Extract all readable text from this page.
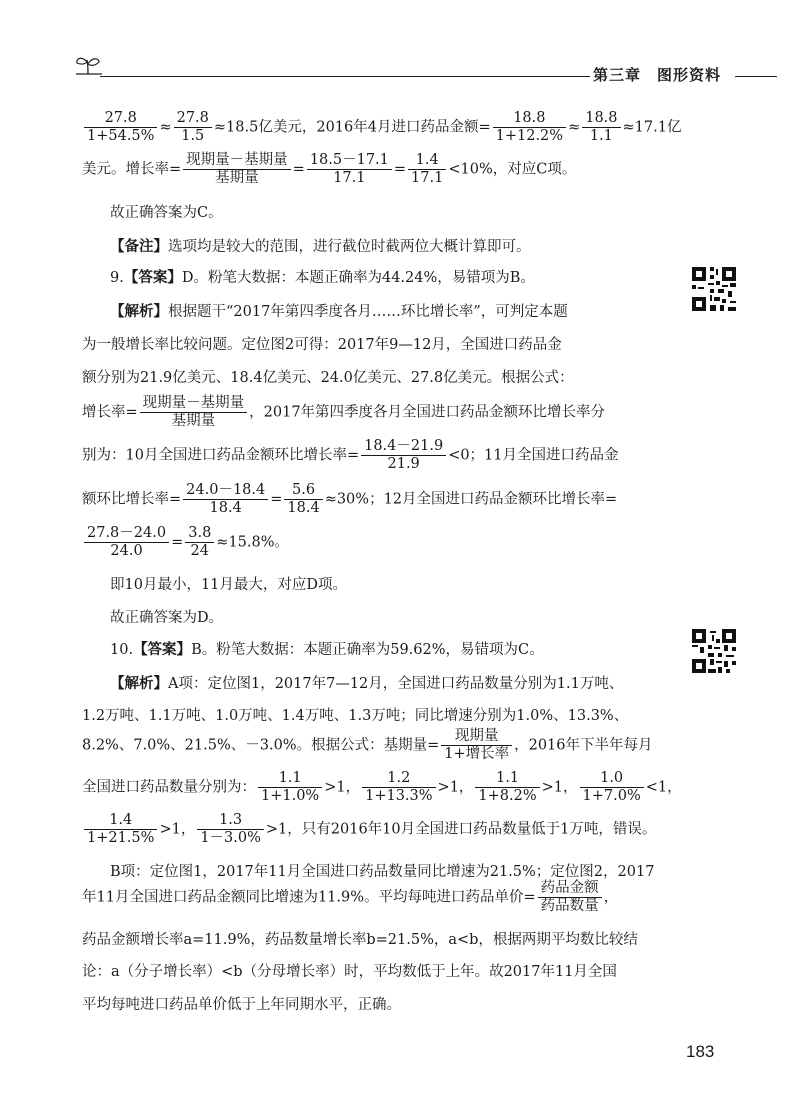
第三章　图形资料
$\frac{27.8}{1+54.5\%} \approx \frac{27.8}{1.5} \approx 18.5$亿美元，2016年4月进口药品金额= $\frac{18.8}{1+12.2\%} \approx \frac{18.8}{1.1} \approx 17.1$亿
美元。增长率= $\frac{\text{现期量－基期量}}{\text{基期量}} = \frac{18.5-17.1}{17.1} = \frac{1.4}{17.1} <10\%$，对应C项。
故正确答案为C。
【备注】选项均是较大的范围，进行截位时截两位大概计算即可。
9.【答案】D。粉笔大数据：本题正确率为44.24%，易错项为B。
【解析】根据题干“2017年第四季度各月……环比增长率”，可判定本题
为一般增长率比较问题。定位图2可得：2017年9—12月，全国进口药品金
额分别为21.9亿美元、18.4亿美元、24.0亿美元、27.8亿美元。根据公式：
增长率= $\frac{\text{现期量－基期量}}{\text{基期量}}$ ，2017年第四季度各月全国进口药品金额环比增长率分
别为：10月全国进口药品金额环比增长率= $\frac{18.4-21.9}{21.9} <0$；11月全国进口药品金
额环比增长率= $\frac{24.0-18.4}{18.4} = \frac{5.6}{18.4} \approx 30\%$；12月全国进口药品金额环比增长率=
$\frac{27.8-24.0}{24.0} = \frac{3.8}{24} \approx 15.8\%$。
即10月最小，11月最大，对应D项。
故正确答案为D。
10.【答案】B。粉笔大数据：本题正确率为59.62%，易错项为C。
【解析】A项：定位图1，2017年7—12月，全国进口药品数量分别为1.1万吨、
1.2万吨、1.1万吨、1.0万吨、1.4万吨、1.3万吨；同比增速分别为1.0%、13.3%、
8.2%、7.0%、21.5%、－3.0%。根据公式：基期量= $\frac{\text{现期量}}{\text{1+增长率}}$ ，2016年下半年每月
全国进口药品数量分别为： $\frac{1.1}{1+1.0\%} >1$， $\frac{1.2}{1+13.3\%} >1$， $\frac{1.1}{1+8.2\%} >1$， $\frac{1.0}{1+7.0\%} <1$，
$\frac{1.4}{1+21.5\%} >1$， $\frac{1.3}{1-3.0\%} >1$，只有2016年10月全国进口药品数量低于1万吨，错误。
B项：定位图1，2017年11月全国进口药品数量同比增速为21.5%；定位图2，2017
年11月全国进口药品金额同比增速为11.9%。平均每吨进口药品单价= $\frac{\text{药品金额}}{\text{药品数量}}$ ，
药品金额增长率a=11.9%，药品数量增长率b=21.5%，a<b，根据两期平均数比较结
论：a（分子增长率）<b（分母增长率）时，平均数低于上年。故2017年11月全国
平均每吨进口药品单价低于上年同期水平，正确。
183
